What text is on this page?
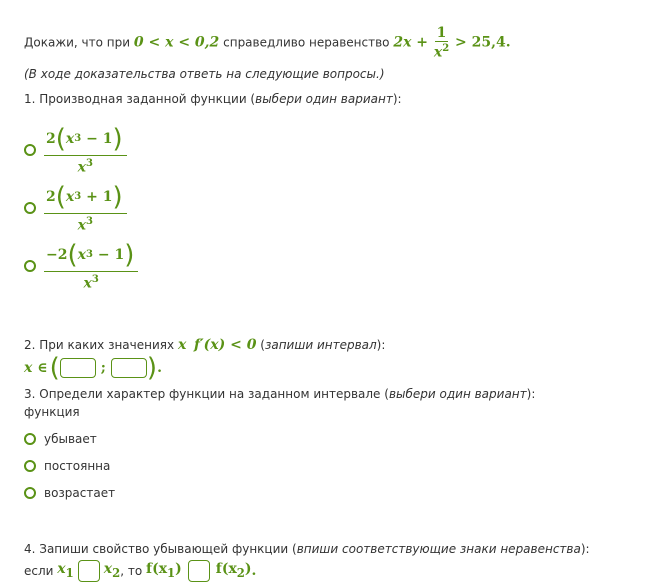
Докажи, что при 0 < x < 0,2 справедливо неравенство $2x + \frac{1}{x^2} > 25,4$.
(В ходе доказательства ответь на следующие вопросы.)
1. Производная заданной функции (выбери один вариант):
2 ( x 3
− 1 )
$x^3$
2 ( x 3
+ 1 )
$x^3$
−2 ( x 3
− 1 )
$x^3$
2. При каких значениях x f′(x) < 0 (запиши интервал):
x ∈ (	; ) .
3. Определи характер функции на заданном интервале (выбери один вариант):
функция
убывает
постоянна
возрастает
4. Запиши свойство убывающей функции (впиши соответствующие знаки неравенства):
если
$x_1$ $x_2$ , то
$f(x_1)$ $f(x_2)$ .
